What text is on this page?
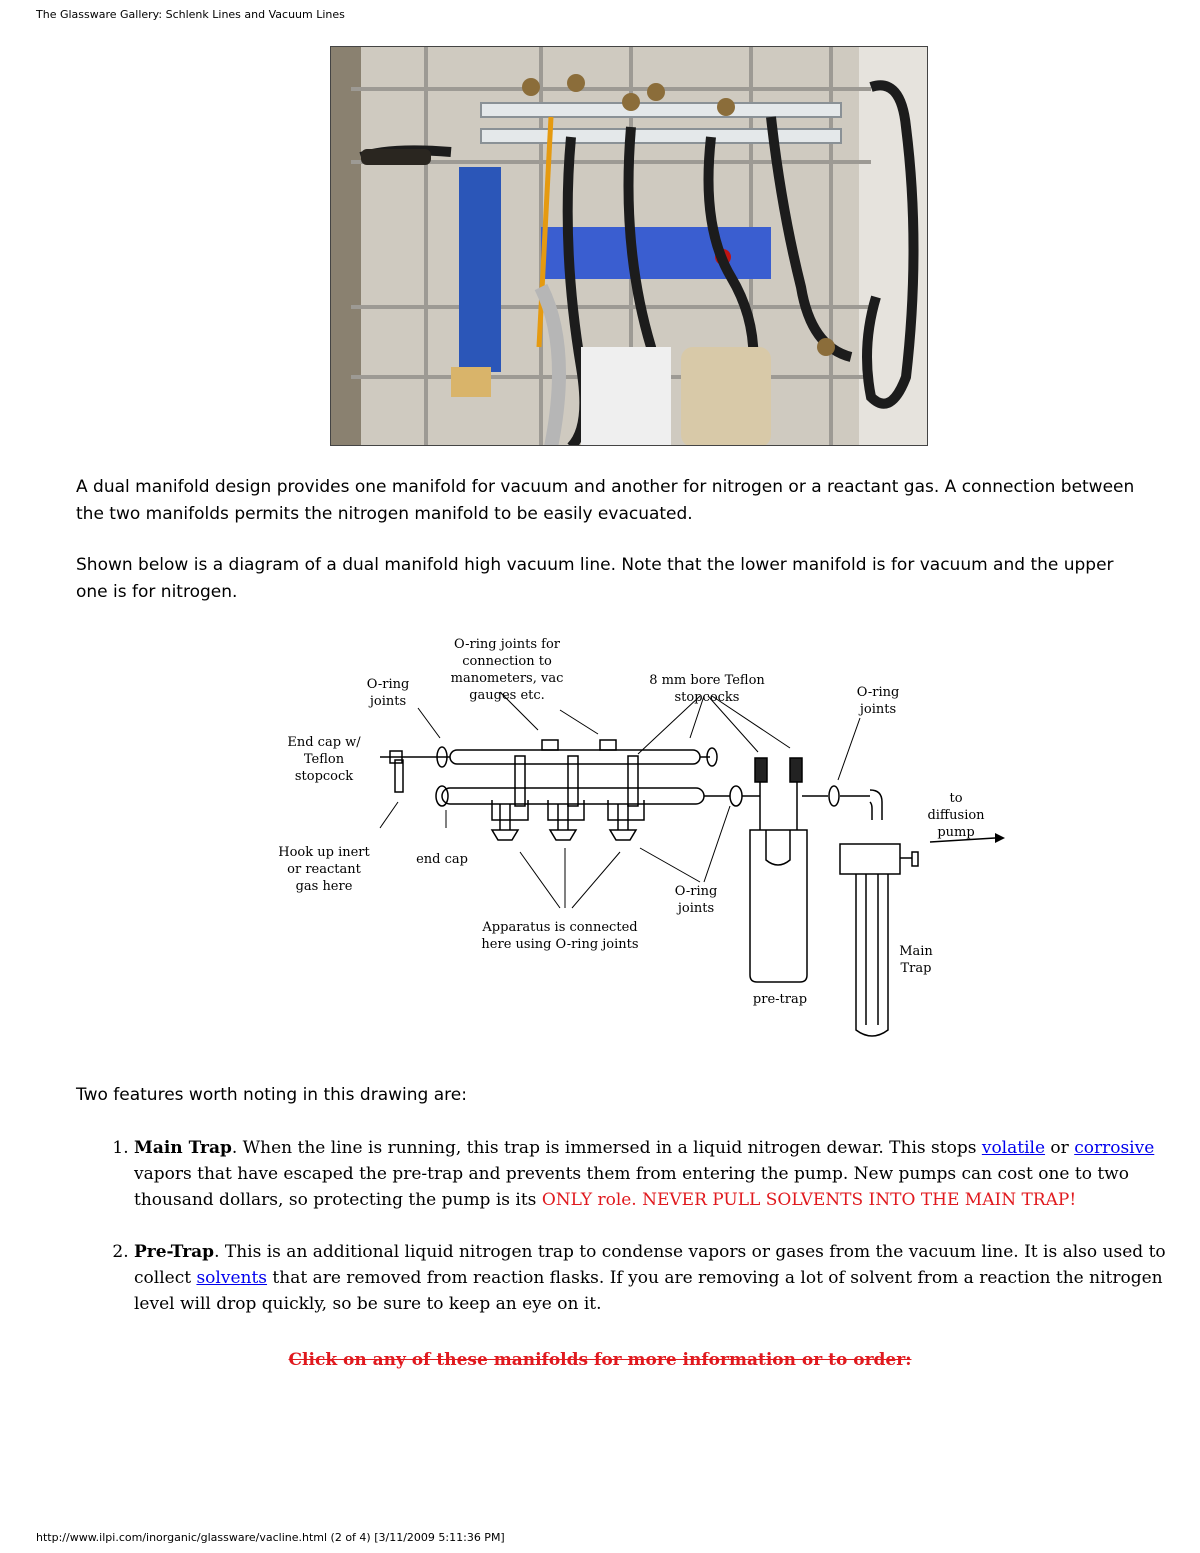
The Glassware Gallery: Schlenk Lines and Vacuum Lines

A dual manifold design provides one manifold for vacuum and another for nitrogen or a reactant gas. A connection between the two manifolds permits the nitrogen manifold to be easily evacuated.

Shown below is a diagram of a dual manifold high vacuum line. Note that the lower manifold is for vacuum and the upper one is for nitrogen.

O-ring joints
O-ring joints for connection to manometers, vac gauges etc.
8 mm bore Teflon stopcocks	O-ring joints
End cap w/ Teflon stopcock
to diffusion pump
Hook up inert or reactant gas here
end cap
O-ring joints
Apparatus is connected here using O-ring joints	Main Trap
pre-trap

Two features worth noting in this drawing are:

1. Main Trap. When the line is running, this trap is immersed in a liquid nitrogen dewar. This stops volatile or corrosive vapors that have escaped the pre-trap and prevents them from entering the pump. New pumps can cost one to two thousand dollars, so protecting the pump is its ONLY role. NEVER PULL SOLVENTS INTO THE MAIN TRAP!
2. Pre-Trap. This is an additional liquid nitrogen trap to condense vapors or gases from the vacuum line. It is also used to collect solvents that are removed from reaction flasks. If you are removing a lot of solvent from a reaction the nitrogen level will drop quickly, so be sure to keep an eye on it.
Click on any of these manifolds for more information or to order:
http://www.ilpi.com/inorganic/glassware/vacline.html (2 of 4) [3/11/2009 5:11:36 PM]
